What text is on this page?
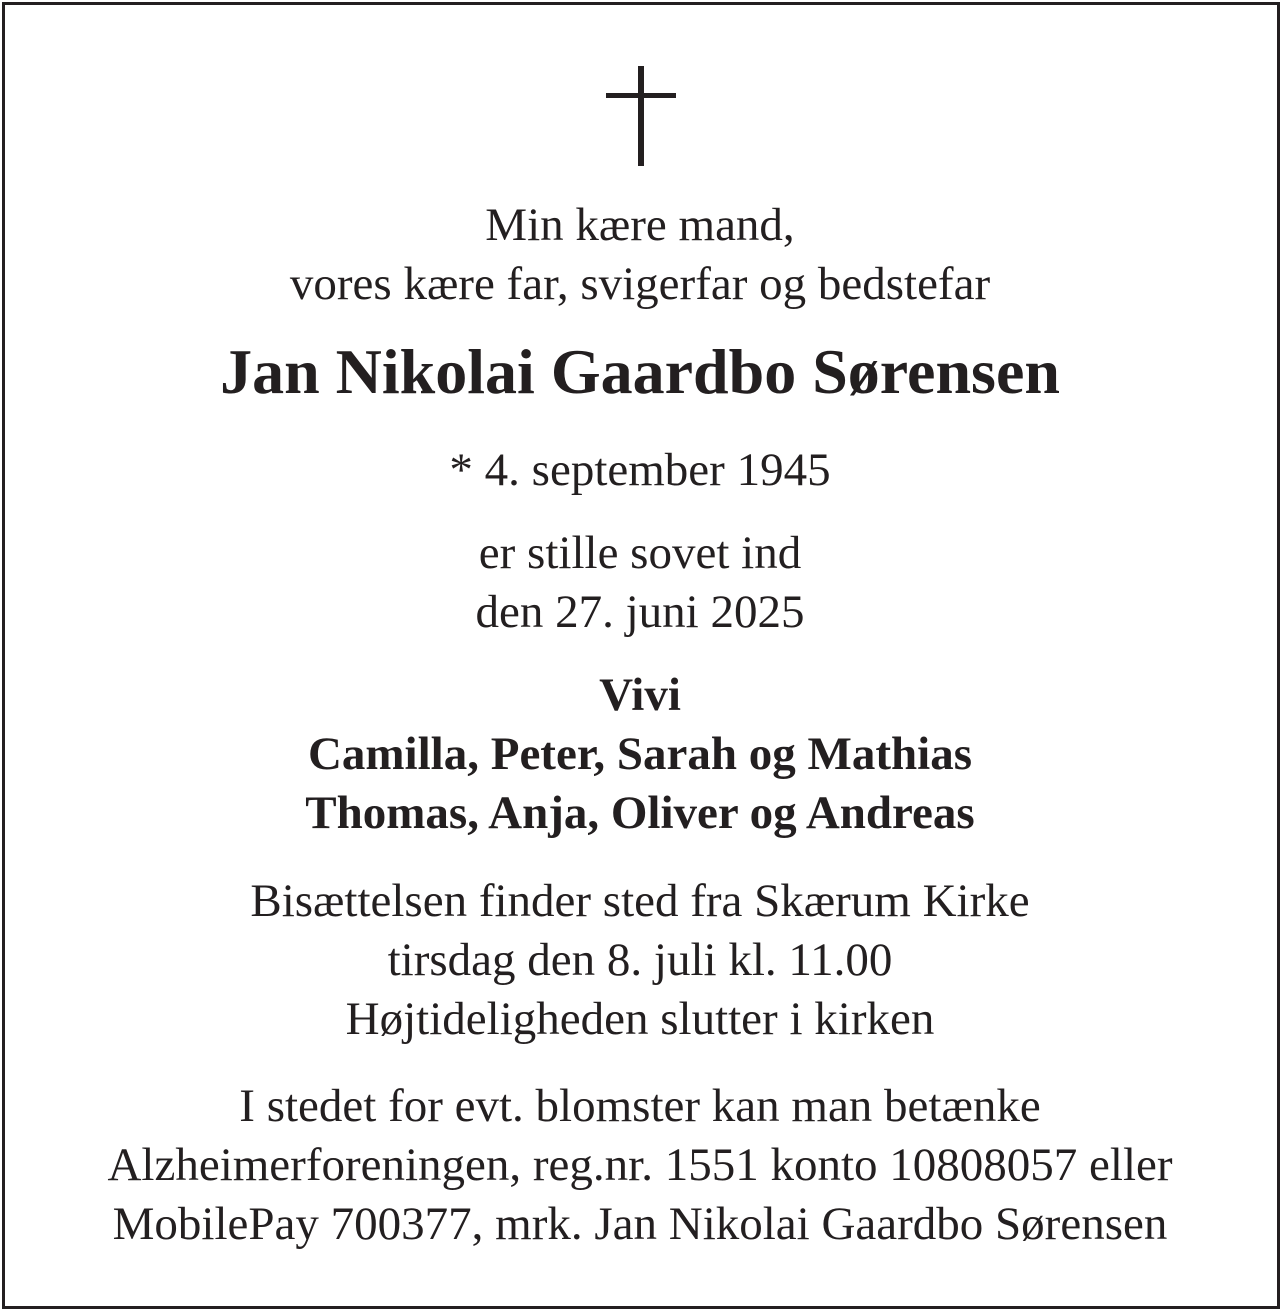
Min kære mand,
vores kære far, svigerfar og bedstefar
Jan Nikolai Gaardbo Sørensen
* 4. september 1945
er stille sovet ind
den 27. juni 2025
Vivi
Camilla, Peter, Sarah og Mathias
Thomas, Anja, Oliver og Andreas
Bisættelsen finder sted fra Skærum Kirke
tirsdag den 8. juli kl. 11.00
Højtideligheden slutter i kirken
I stedet for evt. blomster kan man betænke
Alzheimerforeningen, reg.nr. 1551 konto 10808057 eller
MobilePay 700377, mrk. Jan Nikolai Gaardbo Sørensen
